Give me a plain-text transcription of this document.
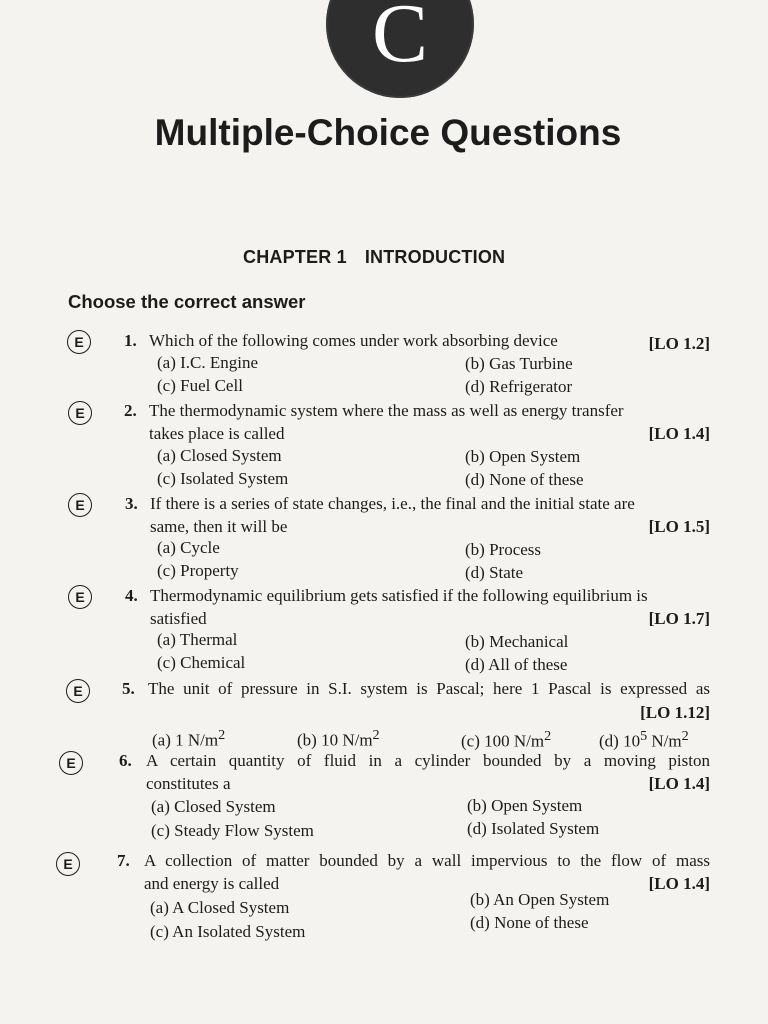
C
Multiple-Choice Questions
CHAPTER 1 INTRODUCTION
Choose the correct answer
E	1. Which of the following comes under work absorbing device	[LO 1.2]
(a) I.C. Engine	(b) Gas Turbine
(c) Fuel Cell	(d) Refrigerator
E	2. The thermodynamic system where the mass as well as energy transfer
takes place is called	[LO 1.4]
(a) Closed System	(b) Open System
(c) Isolated System	(d) None of these
E	3. If there is a series of state changes, i.e., the final and the initial state are
same, then it will be	[LO 1.5]
(a) Cycle	(b) Process
(c) Property	(d) State
E	4. Thermodynamic equilibrium gets satisfied if the following equilibrium is
satisfied	[LO 1.7]
(a) Thermal	(b) Mechanical
(c) Chemical	(d) All of these
E	5. The unit of pressure in S.I. system is Pascal; here 1 Pascal is expressed as
[LO 1.12]
(a) 1 $N/m^2$	(b) 10 $N/m^2$	(c) 100 $N/m^2$	(d) $10^5$ $N/m^2$
E	6. A certain quantity of fluid in a cylinder bounded by a moving piston
constitutes a	[LO 1.4]
(a) Closed System	(b) Open System
(c) Steady Flow System	(d) Isolated System
E	7. A collection of matter bounded by a wall impervious to the flow of mass
and energy is called	[LO 1.4]
(a) A Closed System	(b) An Open System
(c) An Isolated System	(d) None of these
